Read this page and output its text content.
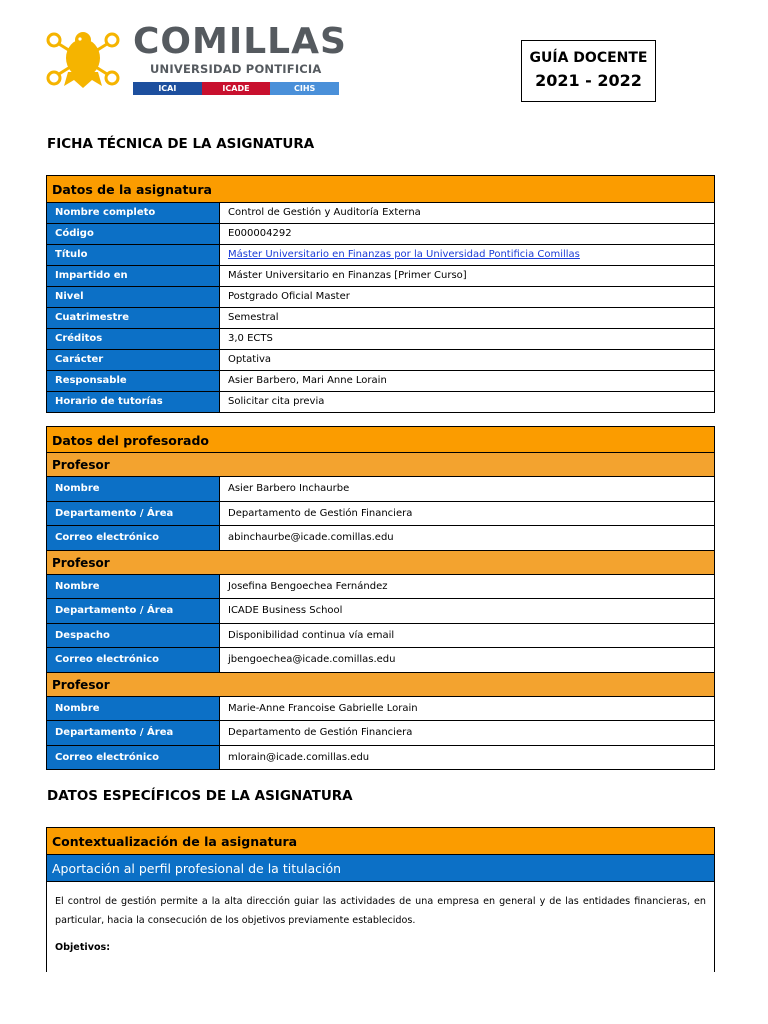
COMILLAS
UNIVERSIDAD PONTIFICIA
ICAI	ICADE	CIHS
GUÍA DOCENTE
2021 - 2022
FICHA TÉCNICA DE LA ASIGNATURA
Datos de la asignatura
Nombre completo	Control de Gestión y Auditoría Externa
Código	E000004292
Título	Máster Universitario en Finanzas por la Universidad Pontificia Comillas
Impartido en	Máster Universitario en Finanzas [Primer Curso]
Nivel	Postgrado Oficial Master
Cuatrimestre	Semestral
Créditos	3,0 ECTS
Carácter	Optativa
Responsable	Asier Barbero, Mari Anne Lorain
Horario de tutorías	Solicitar cita previa
Datos del profesorado
Profesor
Nombre	Asier Barbero Inchaurbe
Departamento / Área	Departamento de Gestión Financiera
Correo electrónico	abinchaurbe@icade.comillas.edu
Profesor
Nombre	Josefina Bengoechea Fernández
Departamento / Área	ICADE Business School
Despacho	Disponibilidad continua vía email
Correo electrónico	jbengoechea@icade.comillas.edu
Profesor
Nombre	Marie-Anne Francoise Gabrielle Lorain
Departamento / Área	Departamento de Gestión Financiera
Correo electrónico	mlorain@icade.comillas.edu
DATOS ESPECÍFICOS DE LA ASIGNATURA
Contextualización de la asignatura
Aportación al perfil profesional de la titulación
El control de gestión permite a la alta dirección guiar las actividades de una empresa en general y de las entidades financieras, en particular, hacia la consecución de los objetivos previamente establecidos.
Objetivos:
